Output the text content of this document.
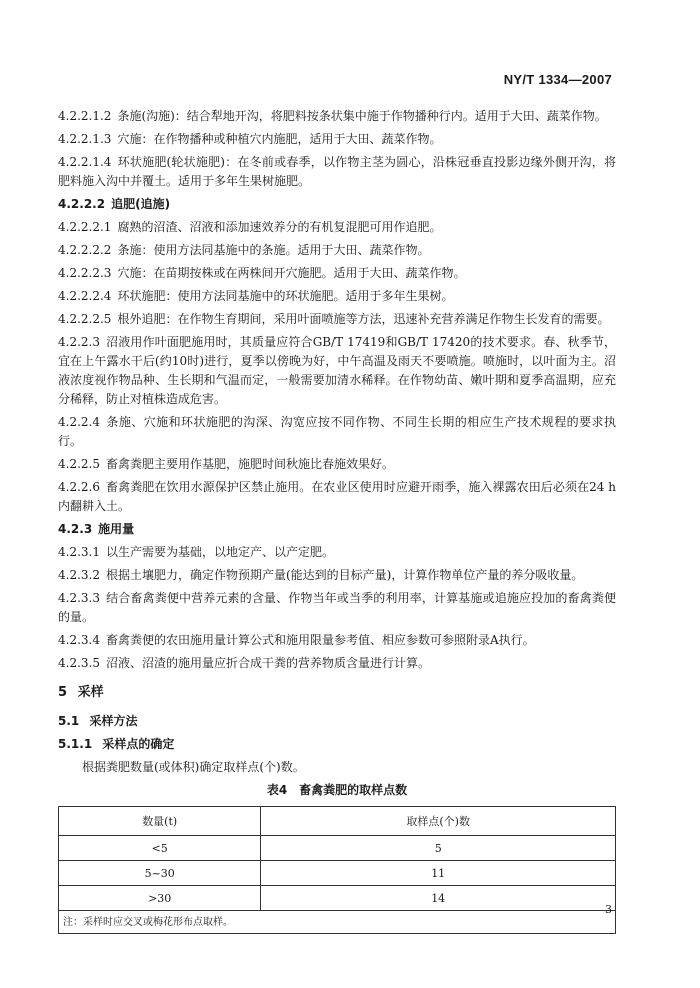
NY/T 1334—2007

4.2.2.1.2 条施(沟施)：结合犁地开沟，将肥料按条状集中施于作物播种行内。适用于大田、蔬菜作物。

4.2.2.1.3 穴施：在作物播种或种植穴内施肥，适用于大田、蔬菜作物。

4.2.2.1.4 环状施肥(轮状施肥)：在冬前或春季，以作物主茎为圆心，沿株冠垂直投影边缘外侧开沟，将肥料施入沟中并覆土。适用于多年生果树施肥。

4.2.2.2 追肥(追施)

4.2.2.2.1 腐熟的沼渣、沼液和添加速效养分的有机复混肥可用作追肥。

4.2.2.2.2 条施：使用方法同基施中的条施。适用于大田、蔬菜作物。

4.2.2.2.3 穴施：在苗期按株或在两株间开穴施肥。适用于大田、蔬菜作物。

4.2.2.2.4 环状施肥：使用方法同基施中的环状施肥。适用于多年生果树。

4.2.2.2.5 根外追肥：在作物生育期间，采用叶面喷施等方法，迅速补充营养满足作物生长发育的需要。

4.2.2.3 沼液用作叶面肥施用时，其质量应符合GB/T 17419和GB/T 17420的技术要求。春、秋季节，宜在上午露水干后(约10时)进行，夏季以傍晚为好，中午高温及雨天不要喷施。喷施时，以叶面为主。沼液浓度视作物品种、生长期和气温而定，一般需要加清水稀释。在作物幼苗、嫩叶期和夏季高温期，应充分稀释，防止对植株造成危害。

4.2.2.4 条施、穴施和环状施肥的沟深、沟宽应按不同作物、不同生长期的相应生产技术规程的要求执行。

4.2.2.5 畜禽粪肥主要用作基肥，施肥时间秋施比春施效果好。

4.2.2.6 畜禽粪肥在饮用水源保护区禁止施用。在农业区使用时应避开雨季，施入裸露农田后必须在24 h内翻耕入土。

4.2.3 施用量

4.2.3.1 以生产需要为基础，以地定产、以产定肥。

4.2.3.2 根据土壤肥力，确定作物预期产量(能达到的目标产量)，计算作物单位产量的养分吸收量。

4.2.3.3 结合畜禽粪便中营养元素的含量、作物当年或当季的利用率，计算基施或追施应投加的畜禽粪便的量。

4.2.3.4 畜禽粪便的农田施用量计算公式和施用限量参考值、相应参数可参照附录A执行。

4.2.3.5 沼液、沼渣的施用量应折合成干粪的营养物质含量进行计算。

5 采样

5.1 采样方法

5.1.1 采样点的确定

根据粪肥数量(或体积)确定取样点(个)数。

表4　畜禽粪肥的取样点数
数量(t)	取样点(个)数
<5	5
5~30	11
>30	14
注：采样时应交叉或梅花形布点取样。	
3
